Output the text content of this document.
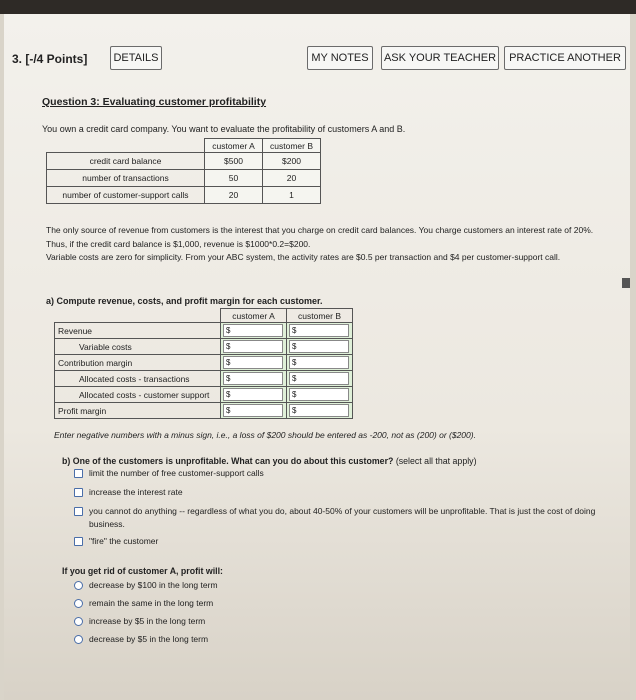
3. [-/4 Points]	DETAILS	MY NOTES	ASK YOUR TEACHER	PRACTICE ANOTHER
Question 3: Evaluating customer profitability
You own a credit card company. You want to evaluate the profitability of customers A and B.
	customer A	customer B
credit card balance	$500	$200
number of transactions	50	20
number of customer-support calls	20	1
The only source of revenue from customers is the interest that you charge on credit card balances. You charge customers an interest rate of 20%. Thus, if the credit card balance is $1,000, revenue is $1000*0.2=$200.
Variable costs are zero for simplicity. From your ABC system, the activity rates are $0.5 per transaction and $4 per customer-support call.
a) Compute revenue, costs, and profit margin for each customer.
	customer A	customer B
Revenue	$	$

Variable costs	$	$

Contribution margin	$	$

Allocated costs - transactions	$	$

Allocated costs - customer support	$	$

Profit margin	$	$
Enter negative numbers with a minus sign, i.e., a loss of $200 should be entered as -200, not as (200) or ($200).
b) One of the customers is unprofitable. What can you do about this customer? (select all that apply)
limit the number of free customer-support calls
increase the interest rate
you cannot do anything -- regardless of what you do, about 40-50% of your customers will be unprofitable. That is just the cost of doing business.
"fire" the customer
If you get rid of customer A, profit will:
decrease by $100 in the long term
remain the same in the long term
increase by $5 in the long term
decrease by $5 in the long term
